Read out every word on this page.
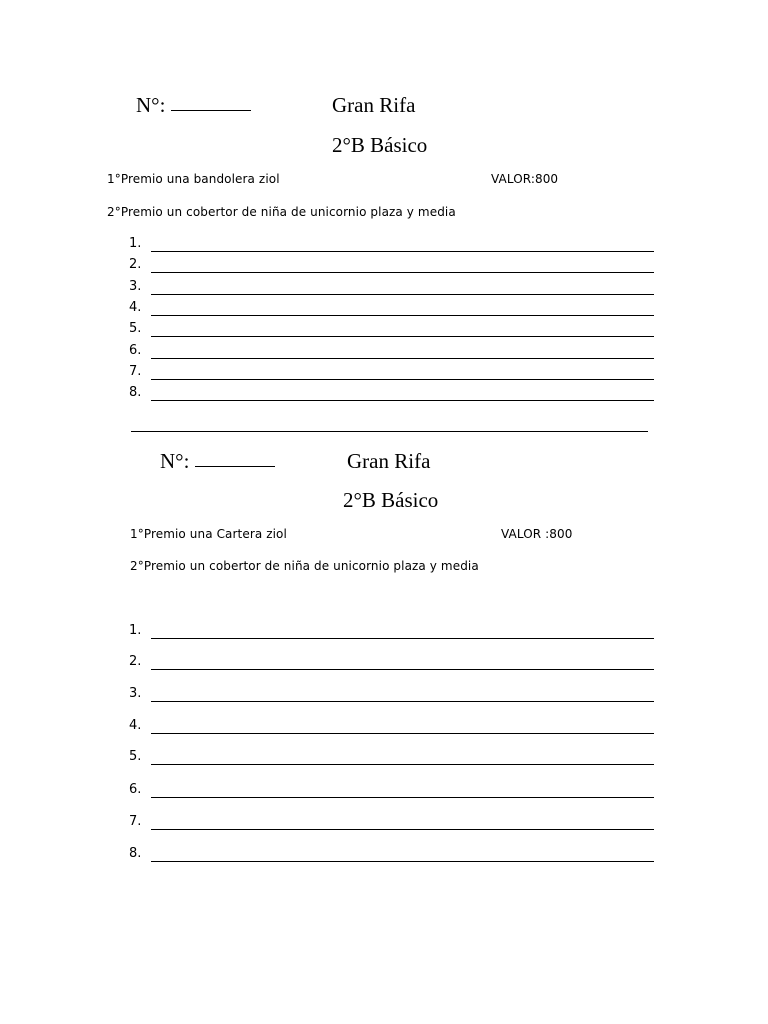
N°:	Gran Rifa
2°B Básico
1°Premio una bandolera ziol	VALOR:800
2°Premio un cobertor de niña de unicornio plaza y media
1.
2.
3.
4.
5.
6.
7.
8.
N°:	Gran Rifa
2°B Básico
1°Premio una Cartera ziol	VALOR :800
2°Premio un cobertor de niña de unicornio plaza y media
1.
2.
3.
4.
5.
6.
7.
8.
